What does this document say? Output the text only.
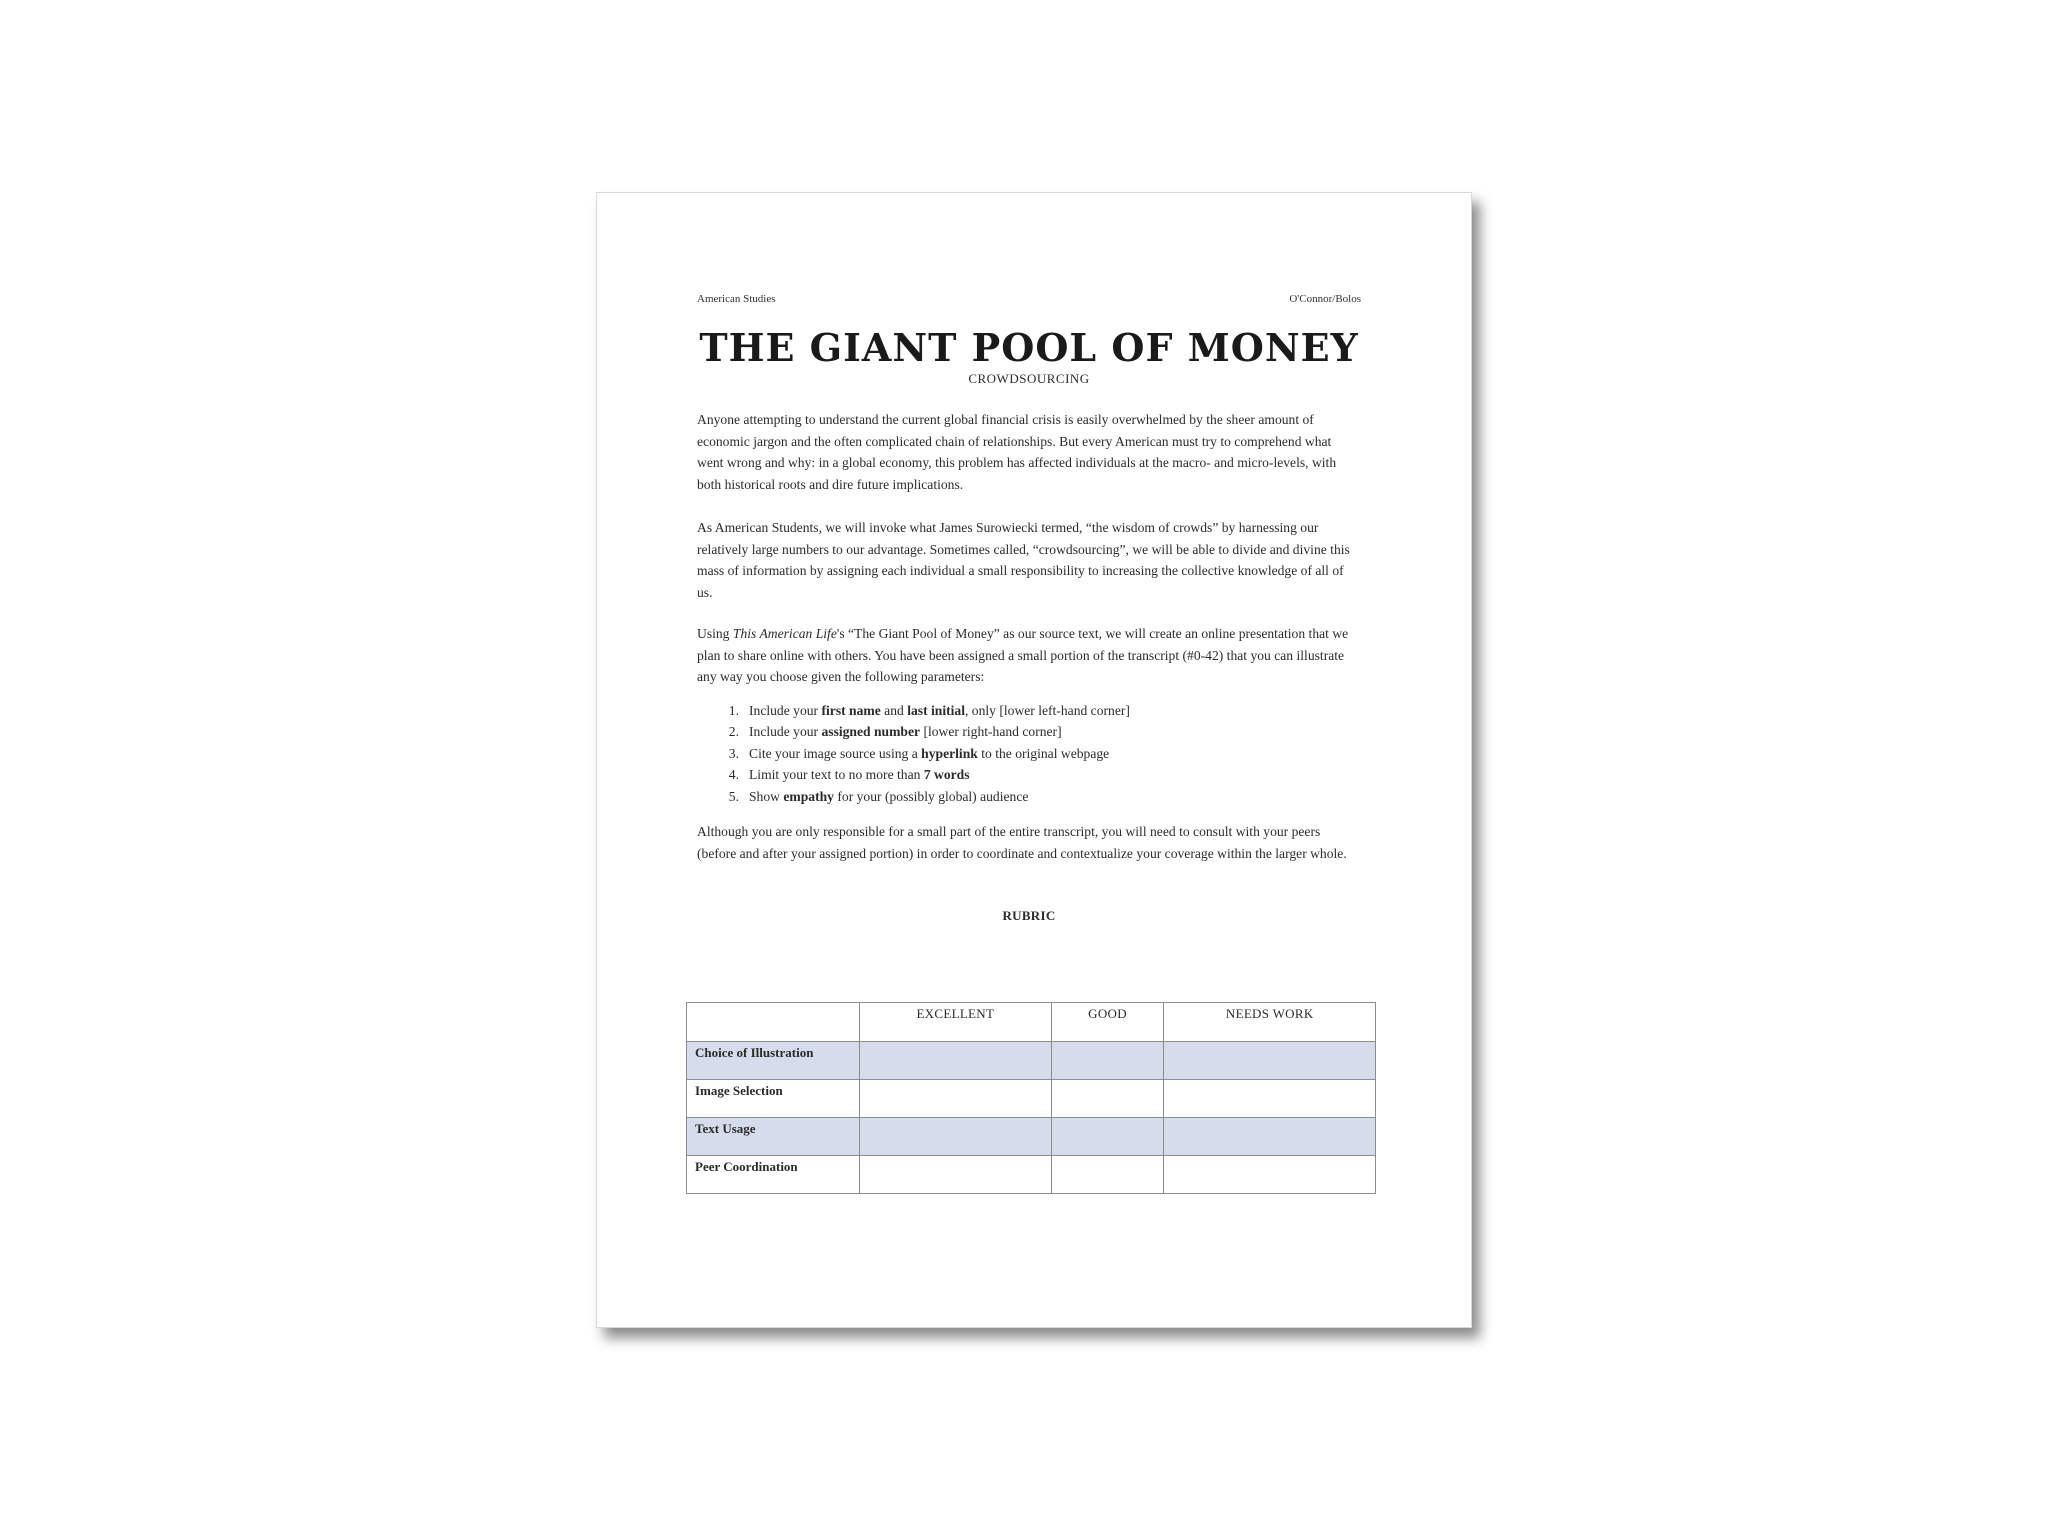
American Studies	O'Connor/Bolos
THE GIANT POOL OF MONEY
CROWDSOURCING

Anyone attempting to understand the current global financial crisis is easily overwhelmed by the sheer amount of economic jargon and the often complicated chain of relationships. But every American must try to comprehend what went wrong and why: in a global economy, this problem has affected individuals at the macro- and micro-levels, with both historical roots and dire future implications.

As American Students, we will invoke what James Surowiecki termed, “the wisdom of crowds” by harnessing our relatively large numbers to our advantage. Sometimes called, “crowdsourcing”, we will be able to divide and divine this mass of information by assigning each individual a small responsibility to increasing the collective knowledge of all of us.

Using This American Life's “The Giant Pool of Money” as our source text, we will create an online presentation that we plan to share online with others. You have been assigned a small portion of the transcript (#0-42) that you can illustrate any way you choose given the following parameters:

1. Include your first name and last initial, only [lower left-hand corner]
2. Include your assigned number [lower right-hand corner]
3. Cite your image source using a hyperlink to the original webpage
4. Limit your text to no more than 7 words
5. Show empathy for your (possibly global) audience

Although you are only responsible for a small part of the entire transcript, you will need to consult with your peers (before and after your assigned portion) in order to coordinate and contextualize your coverage within the larger whole.

RUBRIC
	EXCELLENT	GOOD	NEEDS WORK
Choice of Illustration			
Image Selection			
Text Usage			
Peer Coordination			
